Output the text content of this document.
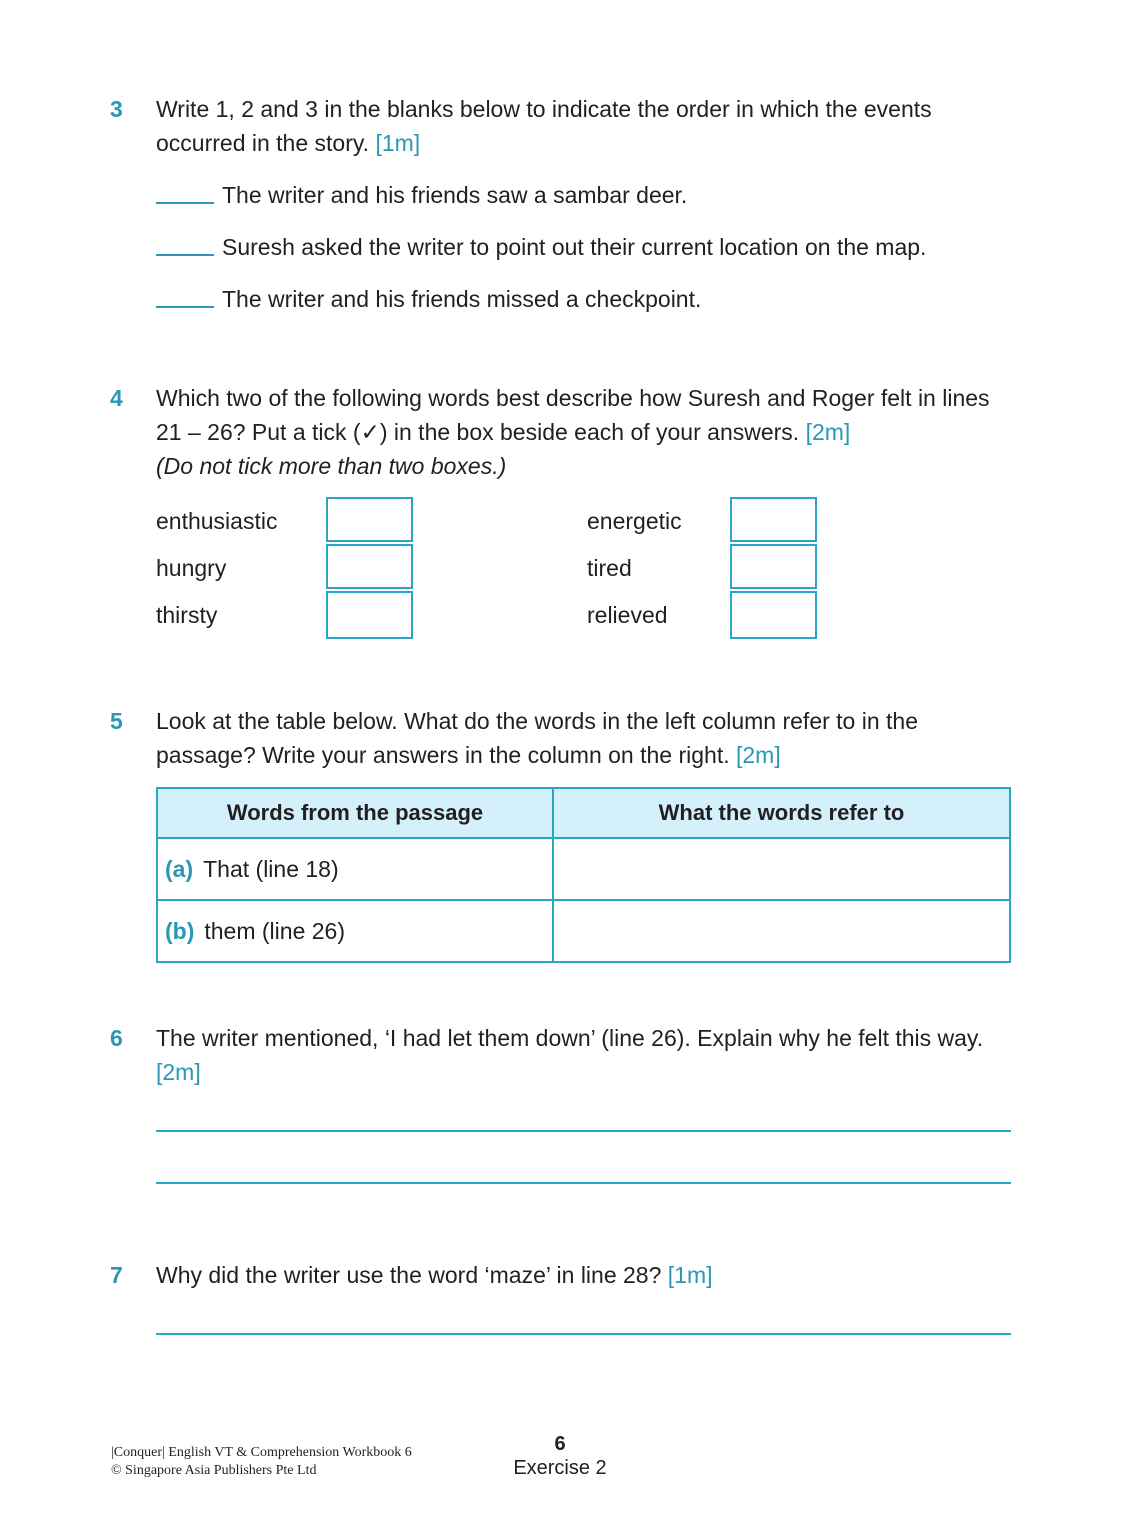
3 Write 1, 2 and 3 in the blanks below to indicate the order in which the events occurred in the story. [1m]
The writer and his friends saw a sambar deer.
Suresh asked the writer to point out their current location on the map.
The writer and his friends missed a checkpoint.
4 Which two of the following words best describe how Suresh and Roger felt in lines 21 – 26? Put a tick (✓) in the box beside each of your answers. [2m]
(Do not tick more than two boxes.)
enthusiastic
hungry
thirsty
energetic
tired
relieved
5 Look at the table below. What do the words in the left column refer to in the passage? Write your answers in the column on the right. [2m]
Words from the passage	What the words refer to
(a) That (line 18)	
(b) them (line 26)	
6 The writer mentioned, ‘I had let them down’ (line 26). Explain why he felt this way. [2m]
7 Why did the writer use the word ‘maze’ in line 28? [1m]
|Conquer| English VT & Comprehension Workbook 6
© Singapore Asia Publishers Pte Ltd
6
Exercise 2
